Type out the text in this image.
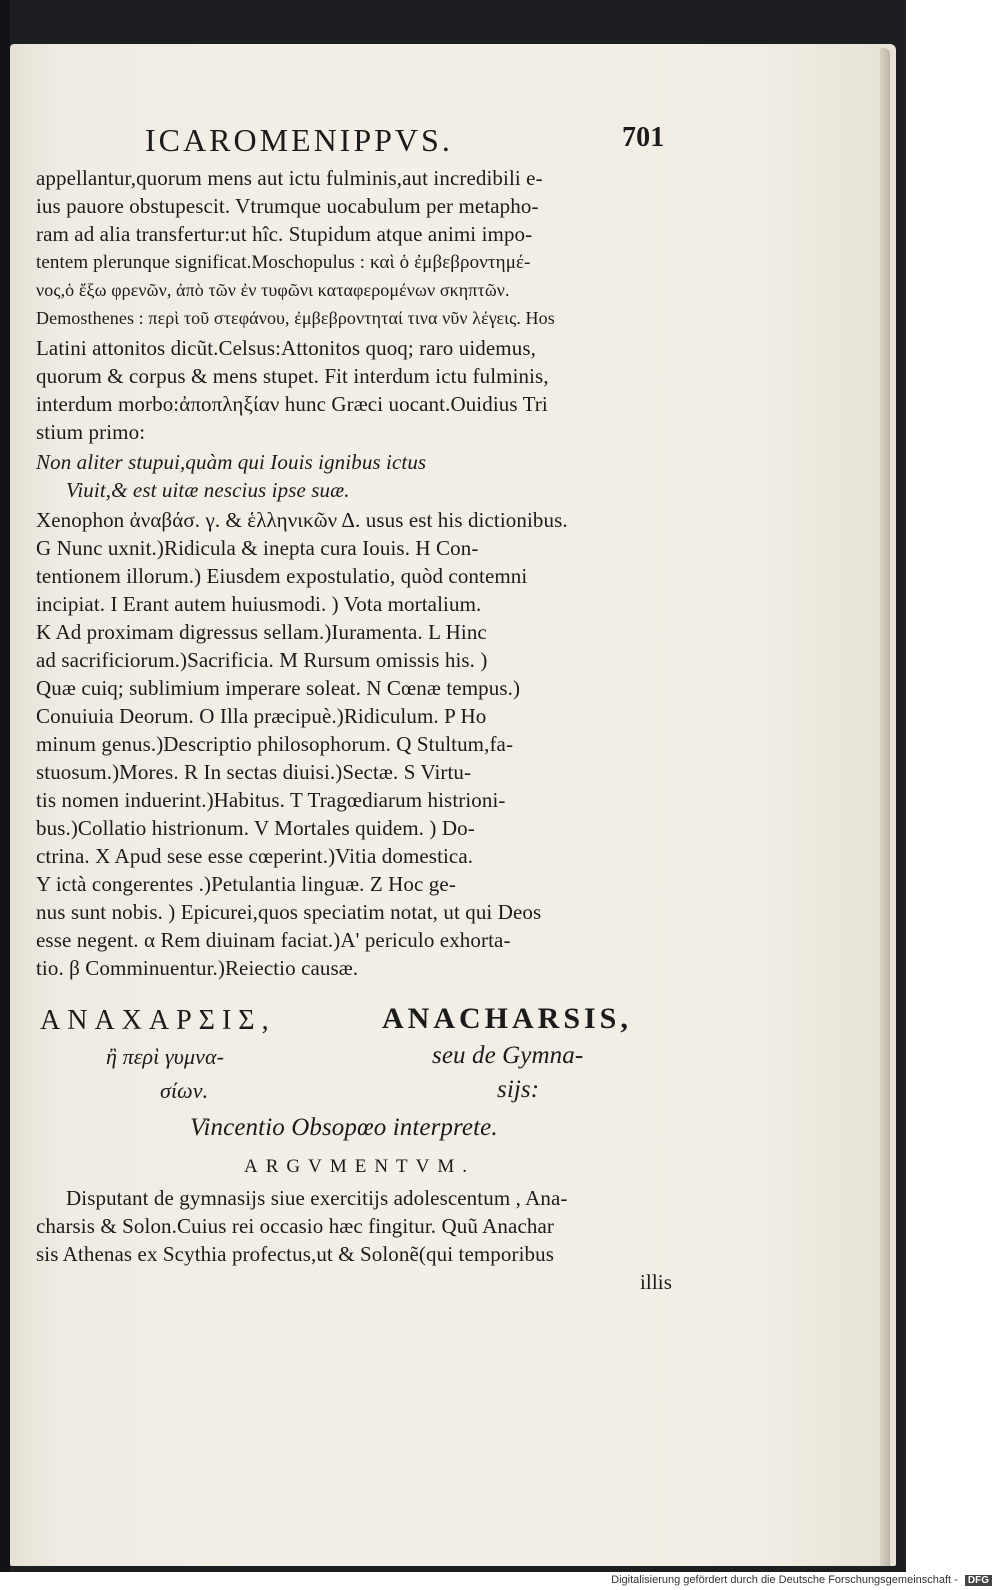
ICAROMENIPPVS.	701
appellantur,quorum mens aut ictu fulminis,aut incredibili e-
ius pauore obstupescit. Vtrumque uocabulum per metapho-
ram ad alia transfertur:ut hîc. Stupidum atque animi impo-
tentem plerunque significat.Moschopulus : καὶ ὁ ἐμβεβροντημέ-
νος,ὁ ἔξω φρενῶν, ἀπὸ τῶν ἐν τυφῶνι καταφερομένων σκηπτῶν.
Demosthenes : περὶ τοῦ στεφάνου, ἐμβεβροντηταί τινα νῦν λέγεις. Hos
Latini attonitos dicũt.Celsus:Attonitos quoq; raro uidemus,
quorum & corpus & mens stupet. Fit interdum ictu fulminis,
interdum morbo:ἀποπληξίαν hunc Græci uocant.Ouidius Tri
stium primo:
Non aliter stupui,quàm qui Iouis ignibus ictus
Viuit,& est uitæ nescius ipse suæ.
Xenophon ἀναβάσ. γ. & ἑλληνικῶν Δ. usus est his dictionibus.
G Nunc uxnit.)Ridicula & inepta cura Iouis. H Con-
tentionem illorum.) Eiusdem expostulatio, quòd contemni
incipiat. I Erant autem huiusmodi. ) Vota mortalium.
K Ad proximam digressus sellam.)Iuramenta. L Hinc
ad sacrificiorum.)Sacrificia. M Rursum omissis his. )
Quæ cuiq; sublimium imperare soleat. N Cœnæ tempus.)
Conuiuia Deorum. O Illa præcipuè.)Ridiculum. P Ho
minum genus.)Descriptio philosophorum. Q Stultum,fa-
stuosum.)Mores. R In sectas diuisi.)Sectæ. S Virtu-
tis nomen induerint.)Habitus. T Tragœdiarum histrioni-
bus.)Collatio histrionum. V Mortales quidem. ) Do-
ctrina. X Apud sese esse cœperint.)Vitia domestica.
Y ictà congerentes .)Petulantia linguæ. Z Hoc ge-
nus sunt nobis. ) Epicurei,quos speciatim notat, ut qui Deos
esse negent. α Rem diuinam faciat.)A' periculo exhorta-
tio. β Comminuentur.)Reiectio causæ.
ΑΝΑΧΑΡΣΙΣ,	ANACHARSIS,
ἢ περὶ γυμνα-	seu de Gymna-
σίων.	sijs:
Vincentio Obsopœo interprete.
ARGVMENTVM.
Disputant de gymnasijs siue exercitijs adolescentum , Ana-
charsis & Solon.Cuius rei occasio hæc fingitur. Quũ Anachar
sis Athenas ex Scythia profectus,ut & Solonẽ(qui temporibus
illis
Digitalisierung gefördert durch die Deutsche Forschungsgemeinschaft - DFG
